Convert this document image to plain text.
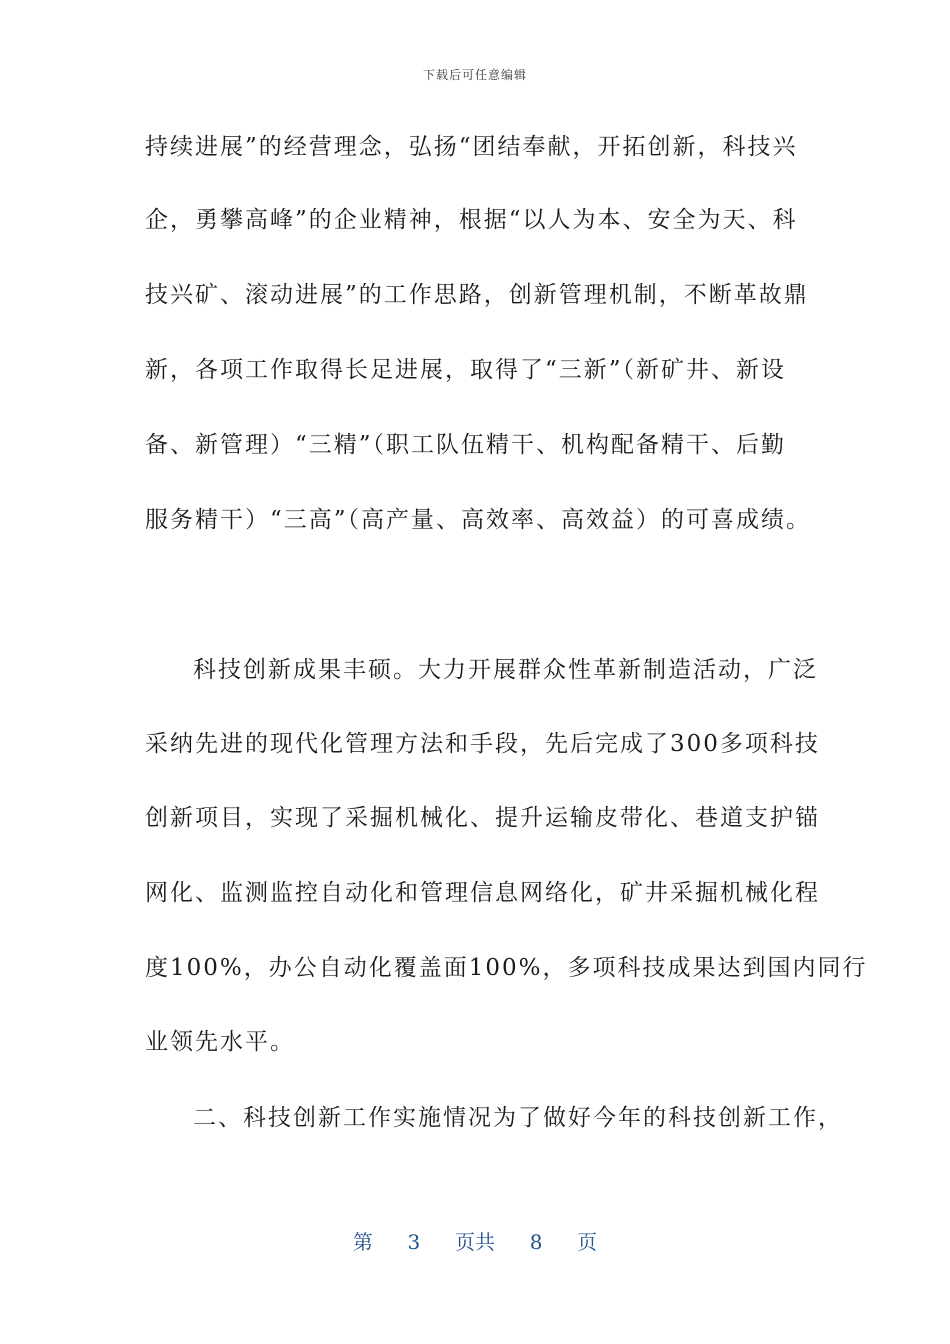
下载后可任意编辑
持续进展”的经营理念，弘扬“团结奉献，开拓创新，科技兴
企，勇攀高峰”的企业精神，根据“以人为本、安全为天、科
技兴矿、滚动进展”的工作思路，创新管理机制，不断革故鼎
新，各项工作取得长足进展，取得了“三新”（新矿井、新设
备、新管理）“三精”（职工队伍精干、机构配备精干、后勤
服务精干）“三高”（高产量、高效率、高效益）的可喜成绩。
科技创新成果丰硕。大力开展群众性革新制造活动，广泛
采纳先进的现代化管理方法和手段，先后完成了300多项科技
创新项目，实现了采掘机械化、提升运输皮带化、巷道支护锚
网化、监测监控自动化和管理信息网络化，矿井采掘机械化程
度100%，办公自动化覆盖面100%，多项科技成果达到国内同行
业领先水平。
二、科技创新工作实施情况为了做好今年的科技创新工作，
第 3 页共 8 页
